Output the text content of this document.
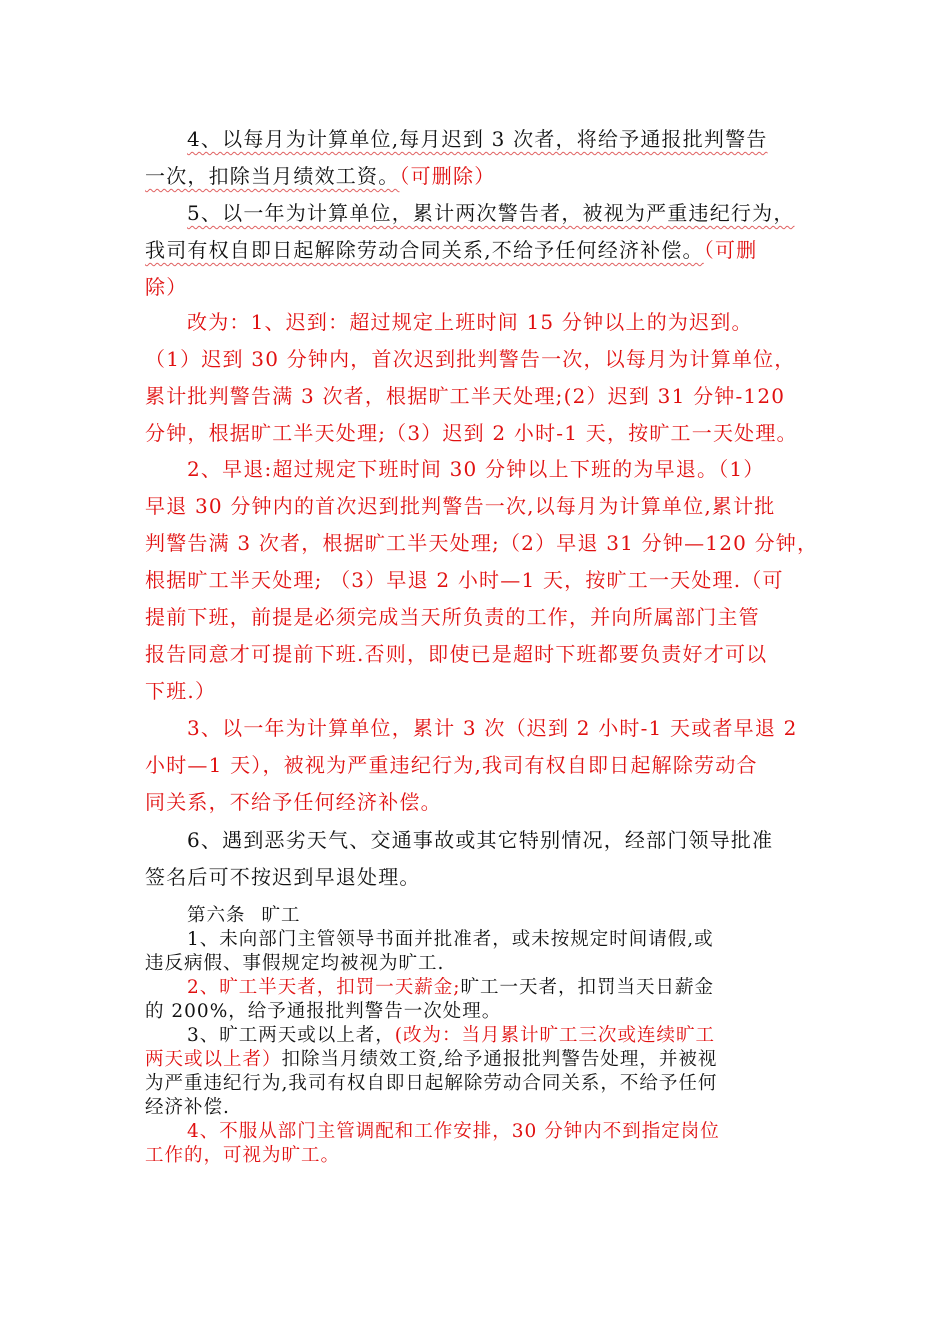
4、以每月为计算单位,每月迟到 3 次者，将给予通报批判警告
一次，扣除当月绩效工资。（可删除）
5、以一年为计算单位，累计两次警告者，被视为严重违纪行为，
我司有权自即日起解除劳动合同关系,不给予任何经济补偿。（可删
除）
改为：1、迟到：超过规定上班时间 15 分钟以上的为迟到。
（1）迟到 30 分钟内，首次迟到批判警告一次，以每月为计算单位，
累计批判警告满 3 次者，根据旷工半天处理;(2）迟到 31 分钟-120
分钟，根据旷工半天处理;（3）迟到 2 小时-1 天，按旷工一天处理。
2、早退:超过规定下班时间 30 分钟以上下班的为早退。（1）
早退 30 分钟内的首次迟到批判警告一次,以每月为计算单位,累计批
判警告满 3 次者，根据旷工半天处理;（2）早退 31 分钟—120 分钟，
根据旷工半天处理; （3）早退 2 小时—1 天，按旷工一天处理.（可
提前下班，前提是必须完成当天所负责的工作，并向所属部门主管
报告同意才可提前下班.否则，即使已是超时下班都要负责好才可以
下班.）
3、以一年为计算单位，累计 3 次（迟到 2 小时-1 天或者早退 2
小时—1 天），被视为严重违纪行为,我司有权自即日起解除劳动合
同关系，不给予任何经济补偿。
6、遇到恶劣天气、交通事故或其它特别情况，经部门领导批准
签名后可不按迟到早退处理。
第六条 旷工
1、未向部门主管领导书面并批准者，或未按规定时间请假,或
违反病假、事假规定均被视为旷工.
2、旷工半天者，扣罚一天薪金;旷工一天者，扣罚当天日薪金
的 200%，给予通报批判警告一次处理。
3、旷工两天或以上者，(改为：当月累计旷工三次或连续旷工
两天或以上者）扣除当月绩效工资,给予通报批判警告处理，并被视
为严重违纪行为,我司有权自即日起解除劳动合同关系，不给予任何
经济补偿.
4、不服从部门主管调配和工作安排，30 分钟内不到指定岗位
工作的，可视为旷工。
